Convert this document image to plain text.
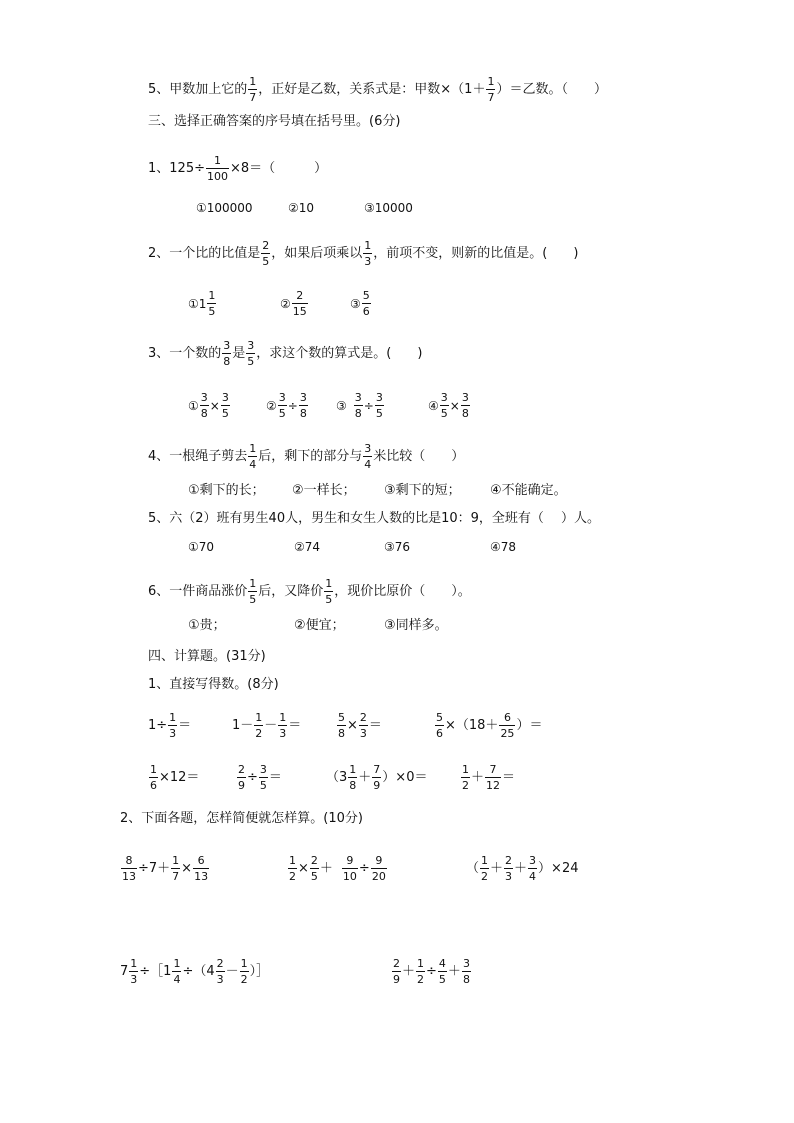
5、甲数加上它的 $\frac{1}{7}$ ，正好是乙数，关系式是：甲数$\times(1+ \frac{1}{7}$ ）＝乙数。（　　）
三、选择正确答案的序号填在括号里。(6分)
1、$125\div \frac{1}{100} \times 8=$（　　　）
①100000	②10	③10000
2、一个比的比值是 $\frac{2}{5}$ ，如果后项乘以 $\frac{1}{3}$ ，前项不变，则新的比值是。(　　)
①1 $\frac{1}{5}$	② $\frac{2}{15}$	③ $\frac{5}{6}$
3、一个数的 $\frac{3}{8}$ 是 $\frac{3}{5}$ ，求这个数的算式是。(　　)
① $\frac{3}{8} \times \frac{3}{5}$	② $\frac{3}{5} \div \frac{3}{8}$ ③ $\frac{3}{8} \div \frac{3}{5}$	④ $\frac{3}{5} \times \frac{3}{8}$
4、一根绳子剪去 $\frac{1}{4}$ 后，剩下的部分与 $\frac{3}{4}$ 米比较（　　）
①剩下的长；	②一样长；	③剩下的短；	④不能确定。
5、六（2）班有男生40人，男生和女生人数的比是10：9，全班有（　 ）人。
①70	②74	③76	④78
6、一件商品涨价 $\frac{1}{5}$ 后，又降价 $\frac{1}{5}$ ，现价比原价（　　）。
①贵；	②便宜；	③同样多。
四、计算题。(31分)
1、直接写得数。(8分)
$1\div \frac{1}{3}$ ＝	$1- \frac{1}{2} - \frac{1}{3}$ ＝	$\frac{5}{8} \times \frac{2}{3}$ ＝	$\frac{5}{6} \times(18+ \frac{6}{25}$ ）＝
$\frac{1}{6} \times 12=$	$\frac{2}{9} \div \frac{3}{5}$ ＝	$(3 \frac{1}{8} + \frac{7}{9} )\times 0=$	$\frac{1}{2} + \frac{7}{12}$ ＝
2、下面各题，怎样简便就怎样算。(10分)
$\frac{8}{13} \div 7+ \frac{1}{7} \times \frac{6}{13}$	$\frac{1}{2} \times \frac{2}{5} + \frac{9}{10} \div \frac{9}{20}$	（ $\frac{1}{2} + \frac{2}{3} + \frac{3}{4} )\times 24$
$7 \frac{1}{3}$ ÷［1 $\frac{1}{4} \div(4 \frac{2}{3} - \frac{1}{2}$ ）］	$\frac{2}{9} + \frac{1}{2} \div \frac{4}{5} + \frac{3}{8}$
